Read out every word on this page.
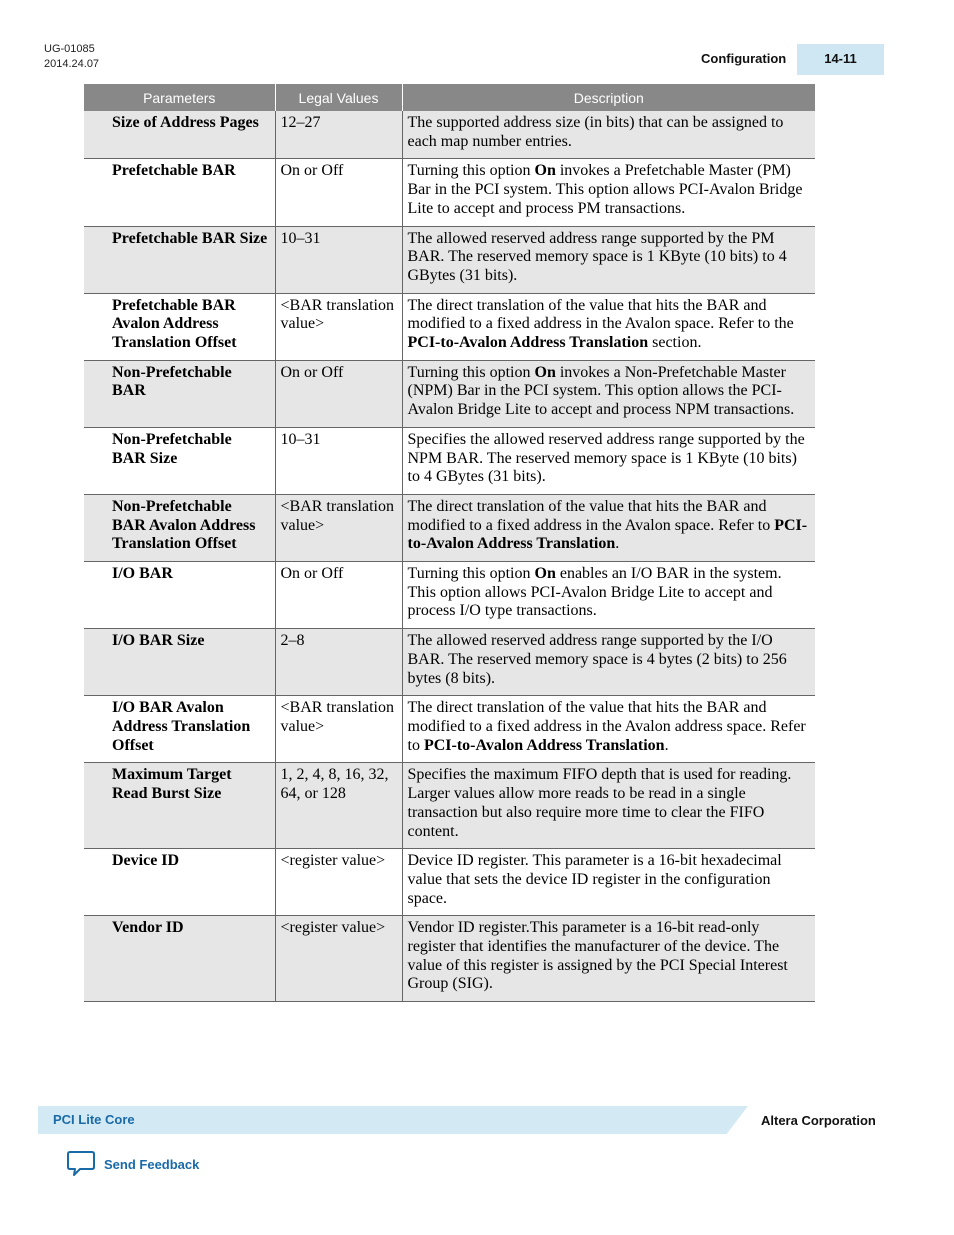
UG-01085
2014.24.07	Configuration	14-11
Parameters	Legal Values	Description
Size of Address Pages	12–27	The supported address size (in bits) that can be assigned to each map number entries.
Prefetchable BAR	On or Off	Turning this option On invokes a Prefetchable Master (PM) Bar in the PCI system. This option allows PCI-Avalon Bridge Lite to accept and process PM transactions.
Prefetchable BAR Size	10–31	The allowed reserved address range supported by the PM BAR. The reserved memory space is 1 KByte (10 bits) to 4 GBytes (31 bits).
Prefetchable BAR Avalon Address Translation Offset	<BAR translation value>	The direct translation of the value that hits the BAR and modified to a fixed address in the Avalon space. Refer to the PCI-to-Avalon Address Translation section.
Non-Prefetchable BAR	On or Off	Turning this option On invokes a Non-Prefetchable Master (NPM) Bar in the PCI system. This option allows the PCI-Avalon Bridge Lite to accept and process NPM transactions.
Non-Prefetchable BAR Size	10–31	Specifies the allowed reserved address range supported by the NPM BAR. The reserved memory space is 1 KByte (10 bits) to 4 GBytes (31 bits).
Non-Prefetchable BAR Avalon Address Translation Offset	<BAR translation value>	The direct translation of the value that hits the BAR and modified to a fixed address in the Avalon space. Refer to PCI-to-Avalon Address Translation.
I/O BAR	On or Off	Turning this option On enables an I/O BAR in the system. This option allows PCI-Avalon Bridge Lite to accept and process I/O type transactions.
I/O BAR Size	2–8	The allowed reserved address range supported by the I/O BAR. The reserved memory space is 4 bytes (2 bits) to 256 bytes (8 bits).
I/O BAR Avalon Address Translation Offset	<BAR translation value>	The direct translation of the value that hits the BAR and modified to a fixed address in the Avalon address space. Refer to PCI-to-Avalon Address Translation.
Maximum Target Read Burst Size	1, 2, 4, 8, 16, 32, 64, or 128	Specifies the maximum FIFO depth that is used for reading. Larger values allow more reads to be read in a single transaction but also require more time to clear the FIFO content.
Device ID	<register value>	Device ID register. This parameter is a 16-bit hexadecimal value that sets the device ID register in the configuration space.
Vendor ID	<register value>	Vendor ID register.This parameter is a 16-bit read-only register that identifies the manufacturer of the device. The value of this register is assigned by the PCI Special Interest Group (SIG).
PCI Lite Core	Altera Corporation
Send Feedback
